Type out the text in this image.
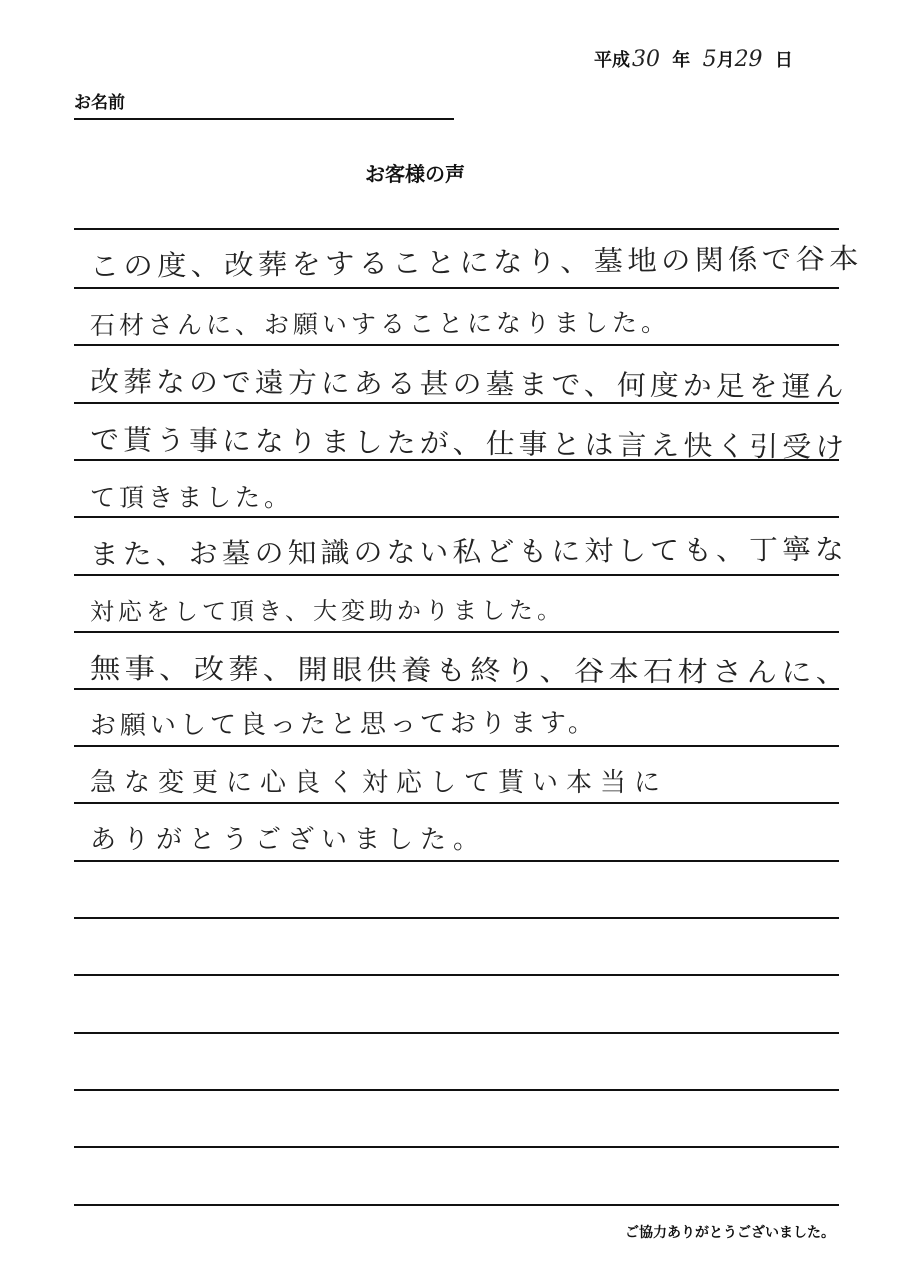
平成30 年 5月29 日
お名前
お客様の声
この度、改葬をすることになり、墓地の関係で谷本
石材さんに、お願いすることになりました。
改葬なので遠方にある甚の墓まで、何度か足を運ん
で貰う事になりましたが、仕事とは言え快く引受け
て頂きました。
また、お墓の知識のない私どもに対しても、丁寧な
対応をして頂き、大変助かりました。
無事、改葬、開眼供養も終り、谷本石材さんに、
お願いして良ったと思っております。
急な変更に心良く対応して貰い本当に
ありがとうございました。
ご協力ありがとうございました。
